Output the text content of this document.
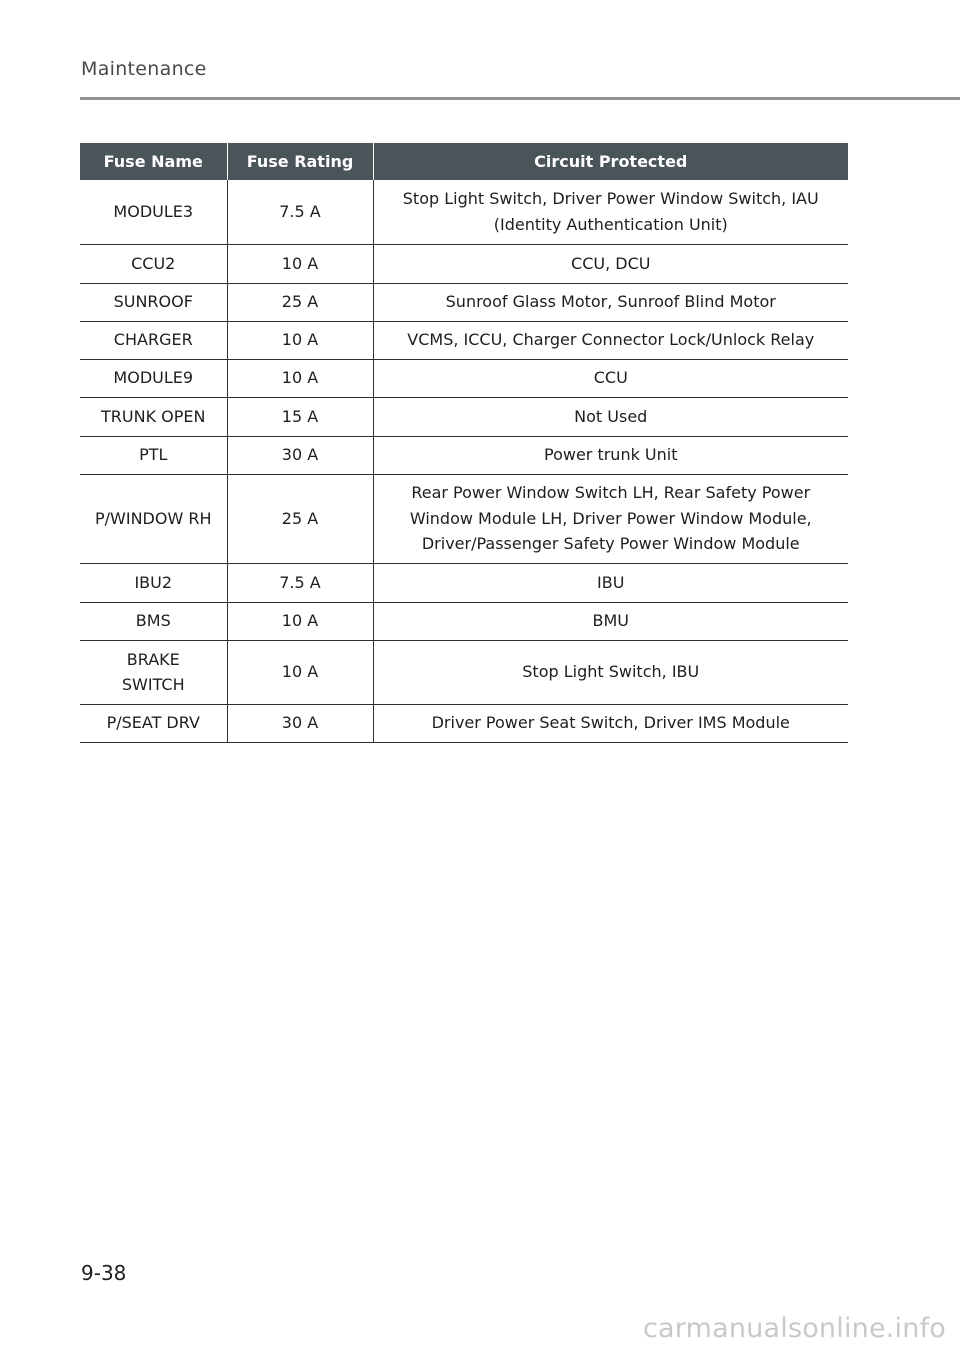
Maintenance
Fuse Name	Fuse Rating	Circuit Protected
MODULE3	7.5 A	Stop Light Switch, Driver Power Window Switch, IAU (Identity Authentication Unit)
CCU2	10 A	CCU, DCU
SUNROOF	25 A	Sunroof Glass Motor, Sunroof Blind Motor
CHARGER	10 A	VCMS, ICCU, Charger Connector Lock/Unlock Relay
MODULE9	10 A	CCU
TRUNK OPEN	15 A	Not Used
PTL	30 A	Power trunk Unit
P/WINDOW RH	25 A	Rear Power Window Switch LH, Rear Safety Power Window Module LH, Driver Power Window Module, Driver/Passenger Safety Power Window Module
IBU2	7.5 A	IBU
BMS	10 A	BMU
BRAKE SWITCH	10 A	Stop Light Switch, IBU
P/SEAT DRV	30 A	Driver Power Seat Switch, Driver IMS Module
9-38
carmanualsonline.info
